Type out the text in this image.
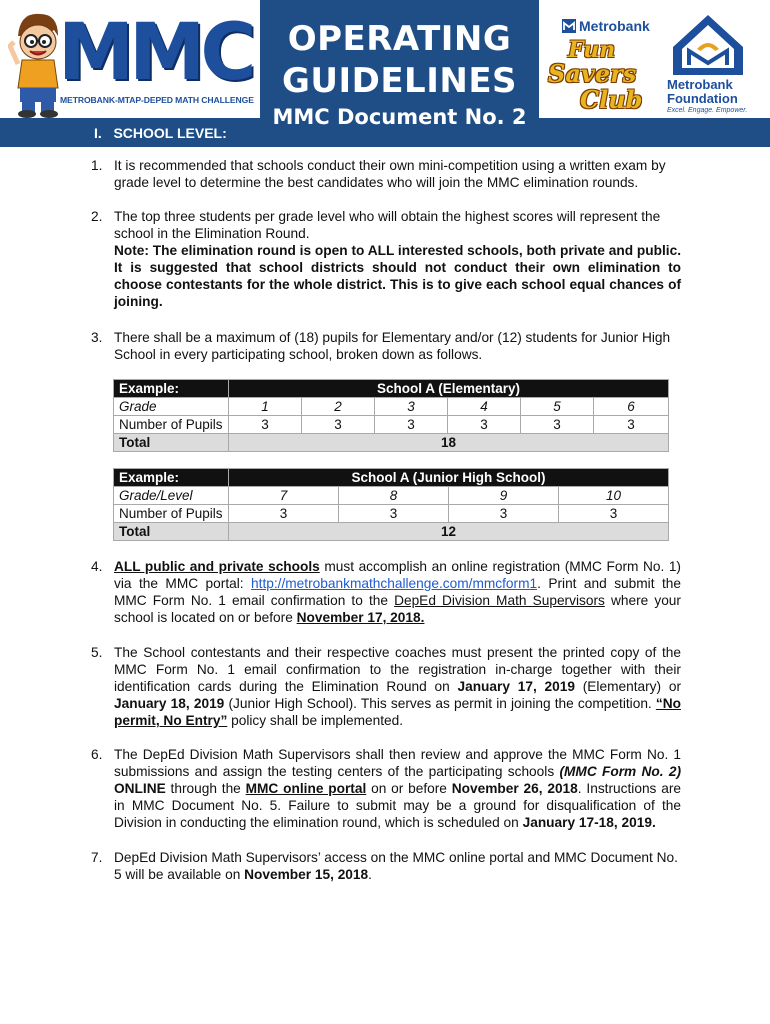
MMC
METROBANK-MTAP-DEPED MATH CHALLENGE
OPERATING
GUIDELINES
MMC Document No. 2
I.   SCHOOL LEVEL:
Metrobank
Fun
Savers
Club
Metrobank
Foundation
Excel. Engage. Empower.
1. It is recommended that schools conduct their own mini-competition using a written exam by grade level to determine the best candidates who will join the MMC elimination rounds.

2. The top three students per grade level who will obtain the highest scores will represent the school in the Elimination Round.

Note: The elimination round is open to ALL interested schools, both private and public. It is suggested that school districts should not conduct their own elimination to choose contestants for the whole district. This is to give each school equal chances of joining.

3. There shall be a maximum of (18) pupils for Elementary and/or (12) students for Junior High School in every participating school, broken down as follows.

Example:	School A (Elementary)					
Grade	1	2	3	4	5	6
Number of Pupils	3	3	3	3	3	3
Total	18					
Example:	School A (Junior High School)			
Grade/Level	7	8	9	10
Number of Pupils	3	3	3	3
Total	12			
4. ALL public and private schools must accomplish an online registration (MMC Form No. 1) via the MMC portal: http://metrobankmathchallenge.com/mmcform1. Print and submit the MMC Form No. 1 email confirmation to the DepEd Division Math Supervisors where your school is located on or before November 17, 2018.

5. The School contestants and their respective coaches must present the printed copy of the MMC Form No. 1 email confirmation to the registration in-charge together with their identification cards during the Elimination Round on January 17, 2019 (Elementary) or January 18, 2019 (Junior High School). This serves as permit in joining the competition. “No permit, No Entry” policy shall be implemented.

6. The DepEd Division Math Supervisors shall then review and approve the MMC Form No. 1 submissions and assign the testing centers of the participating schools (MMC Form No. 2) ONLINE through the MMC online portal on or before November 26, 2018. Instructions are in MMC Document No. 5. Failure to submit may be a ground for disqualification of the Division in conducting the elimination round, which is scheduled on January 17-18, 2019.

7. DepEd Division Math Supervisors’ access on the MMC online portal and MMC Document No. 5 will be available on November 15, 2018.
